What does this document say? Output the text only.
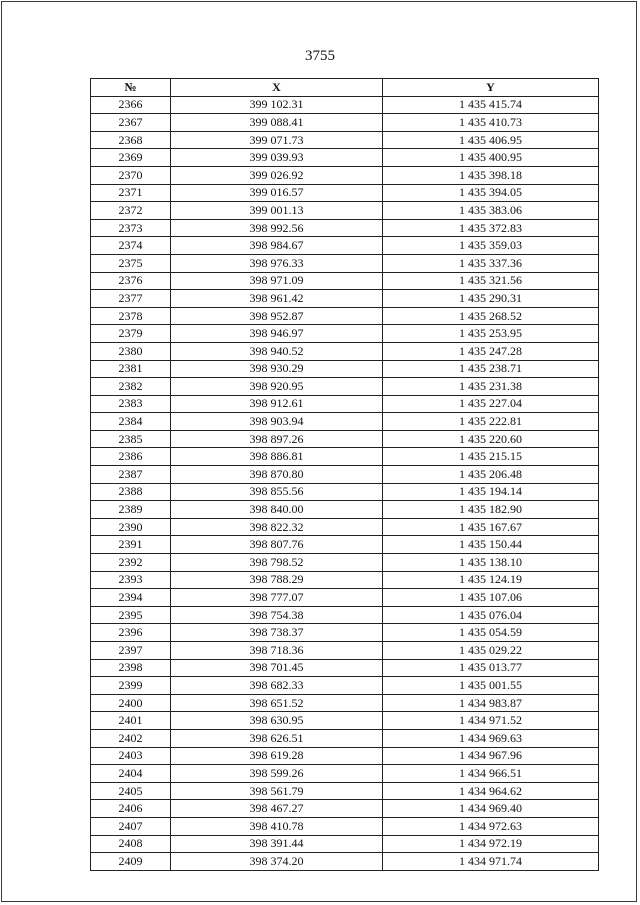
3755
№	X	Y
2366	399 102.31	1 435 415.74
2367	399 088.41	1 435 410.73
2368	399 071.73	1 435 406.95
2369	399 039.93	1 435 400.95
2370	399 026.92	1 435 398.18
2371	399 016.57	1 435 394.05
2372	399 001.13	1 435 383.06
2373	398 992.56	1 435 372.83
2374	398 984.67	1 435 359.03
2375	398 976.33	1 435 337.36
2376	398 971.09	1 435 321.56
2377	398 961.42	1 435 290.31
2378	398 952.87	1 435 268.52
2379	398 946.97	1 435 253.95
2380	398 940.52	1 435 247.28
2381	398 930.29	1 435 238.71
2382	398 920.95	1 435 231.38
2383	398 912.61	1 435 227.04
2384	398 903.94	1 435 222.81
2385	398 897.26	1 435 220.60
2386	398 886.81	1 435 215.15
2387	398 870.80	1 435 206.48
2388	398 855.56	1 435 194.14
2389	398 840.00	1 435 182.90
2390	398 822.32	1 435 167.67
2391	398 807.76	1 435 150.44
2392	398 798.52	1 435 138.10
2393	398 788.29	1 435 124.19
2394	398 777.07	1 435 107.06
2395	398 754.38	1 435 076.04
2396	398 738.37	1 435 054.59
2397	398 718.36	1 435 029.22
2398	398 701.45	1 435 013.77
2399	398 682.33	1 435 001.55
2400	398 651.52	1 434 983.87
2401	398 630.95	1 434 971.52
2402	398 626.51	1 434 969.63
2403	398 619.28	1 434 967.96
2404	398 599.26	1 434 966.51
2405	398 561.79	1 434 964.62
2406	398 467.27	1 434 969.40
2407	398 410.78	1 434 972.63
2408	398 391.44	1 434 972.19
2409	398 374.20	1 434 971.74
